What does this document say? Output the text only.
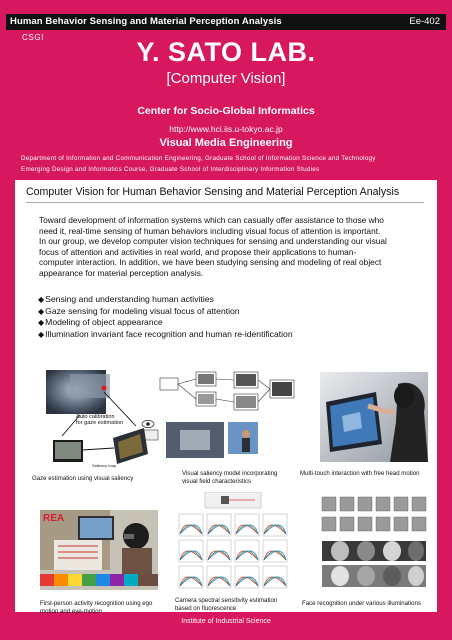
Human Behavior Sensing and Material Perception Analysis	Ee-402
CSGI	Y. SATO LAB.
[Computer Vision]
Center for Socio-Global Informatics
http://www.hci.iis.u-tokyo.ac.jp
Visual Media Engineering
Department of Information and Communication Engineering, Graduate School of Information Science and Technology
Emerging Design and Informatics Course, Graduate School of Interdisciplinary Information Studies
Computer Vision for Human Behavior Sensing and Material Perception Analysis
Toward development of information systems which can casually offer assistance to those who
need it, real-time sensing of human behaviors including visual focus of attention is important.
In our group, we develop computer vision techniques for sensing and understanding our visual
focus of attention and activities in real world, and propose their applications to human-
computer interaction. In addition, we have been studying sensing and modeling of real object
appearance for material perception analysis.
◆ Sensing and understanding human activities
◆ Gaze sensing for modeling visual focus of attention
◆ Modeling of object appearance
◆ Illumination invariant face recognition and human re-identification
Auto calibration
for gaze estimation
Saliency map
Gaze estimation using visual saliency
Visual saliency model incorporating visual field characteristics
Multi-touch interaction with free head motion
REA
First-person activity recognition using ego motion and eye-motion
Camera spectral sensitivity estimation based on fluorescence
Face recognition under various illuminations
Institute of Industrial Science
